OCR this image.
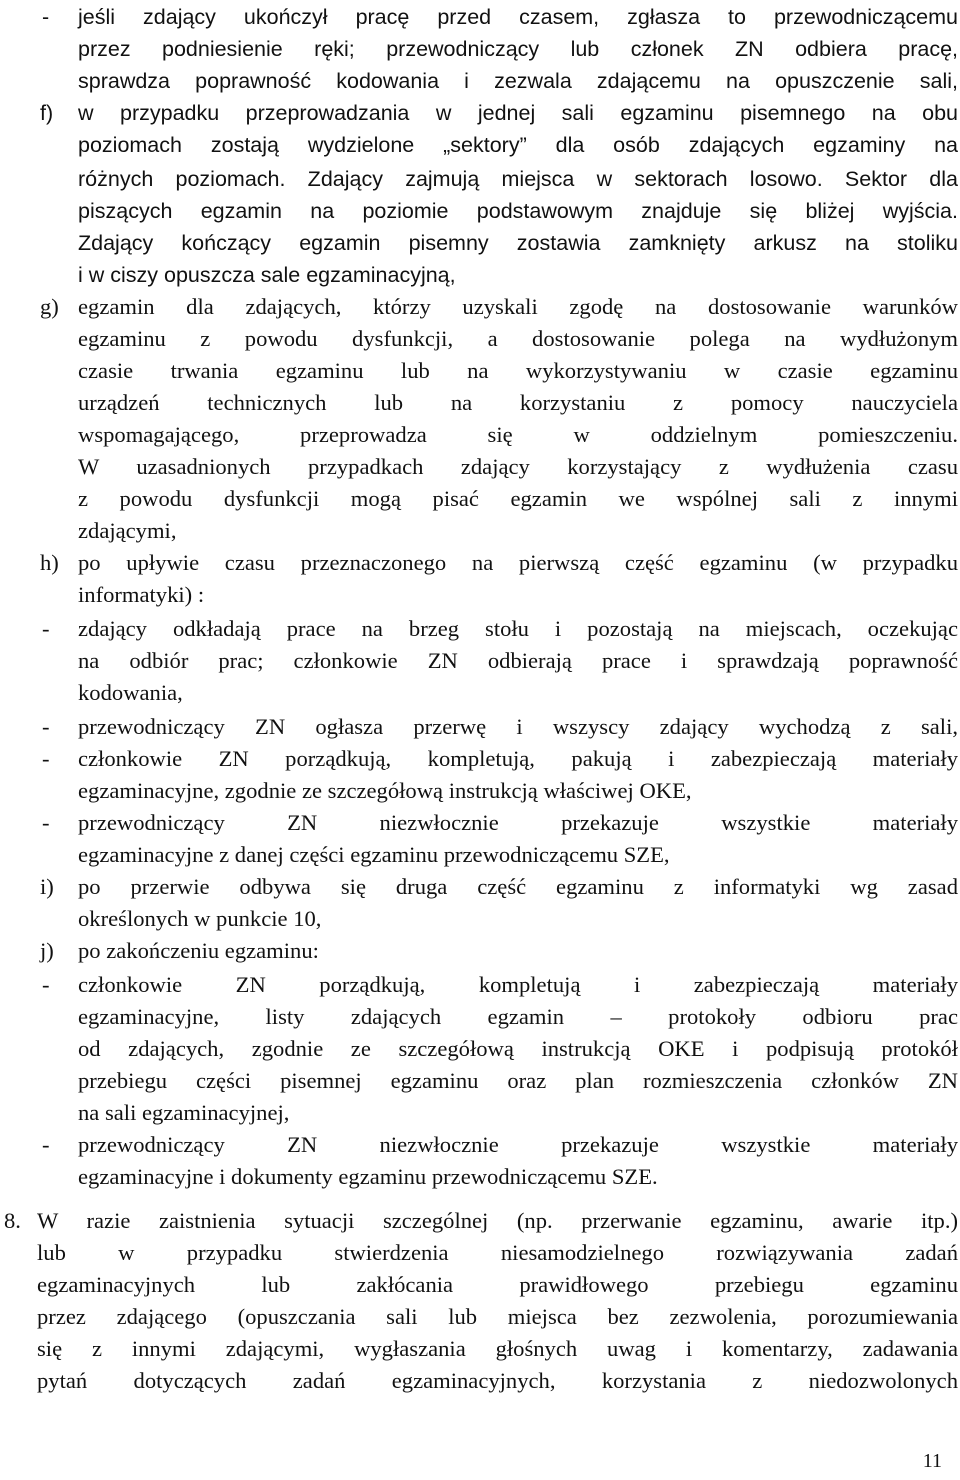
- jeśli zdający ukończył pracę przed czasem, zgłasza to przewodniczącemu
przez podniesienie ręki; przewodniczący lub członek ZN odbiera pracę,
sprawdza poprawność kodowania i zezwala zdającemu na opuszczenie sali,
f) w przypadku przeprowadzania w jednej sali egzaminu pisemnego na obu
poziomach zostają wydzielone „sektory” dla osób zdających egzaminy na
różnych poziomach. Zdający zajmują miejsca w sektorach losowo. Sektor dla
piszących egzamin na poziomie podstawowym znajduje się bliżej wyjścia.
Zdający kończący egzamin pisemny zostawia zamknięty arkusz na stoliku
i w ciszy opuszcza sale egzaminacyjną,
g) egzamin dla zdających, którzy uzyskali zgodę na dostosowanie warunków
egzaminu z powodu dysfunkcji, a dostosowanie polega na wydłużonym
czasie trwania egzaminu lub na wykorzystywaniu w czasie egzaminu
urządzeń technicznych lub na korzystaniu z pomocy nauczyciela
wspomagającego, przeprowadza się w oddzielnym pomieszczeniu.
W uzasadnionych przypadkach zdający korzystający z wydłużenia czasu
z powodu dysfunkcji mogą pisać egzamin we wspólnej sali z innymi
zdającymi,
h) po upływie czasu przeznaczonego na pierwszą część egzaminu (w przypadku
informatyki) :
- zdający odkładają prace na brzeg stołu i pozostają na miejscach, oczekując
na odbiór prac; członkowie ZN odbierają prace i sprawdzają poprawność
kodowania,
- przewodniczący ZN ogłasza przerwę i wszyscy zdający wychodzą z sali,
- członkowie ZN porządkują, kompletują, pakują i zabezpieczają materiały
egzaminacyjne, zgodnie ze szczegółową instrukcją właściwej OKE,
- przewodniczący ZN niezwłocznie przekazuje wszystkie materiały
egzaminacyjne z danej części egzaminu przewodniczącemu SZE,
i) po przerwie odbywa się druga część egzaminu z informatyki wg zasad
określonych w punkcie 10,
j) po zakończeniu egzaminu:
- członkowie ZN porządkują, kompletują i zabezpieczają materiały
egzaminacyjne, listy zdających egzamin – protokoły odbioru prac
od zdających, zgodnie ze szczegółową instrukcją OKE i podpisują protokół
przebiegu części pisemnej egzaminu oraz plan rozmieszczenia członków ZN
na sali egzaminacyjnej,
- przewodniczący ZN niezwłocznie przekazuje wszystkie materiały
egzaminacyjne i dokumenty egzaminu przewodniczącemu SZE.
8. W razie zaistnienia sytuacji szczególnej (np. przerwanie egzaminu, awarie itp.)
lub w przypadku stwierdzenia niesamodzielnego rozwiązywania zadań
egzaminacyjnych lub zakłócania prawidłowego przebiegu egzaminu
przez zdającego (opuszczania sali lub miejsca bez zezwolenia, porozumiewania
się z innymi zdającymi, wygłaszania głośnych uwag i komentarzy, zadawania
pytań dotyczących zadań egzaminacyjnych, korzystania z niedozwolonych
11
